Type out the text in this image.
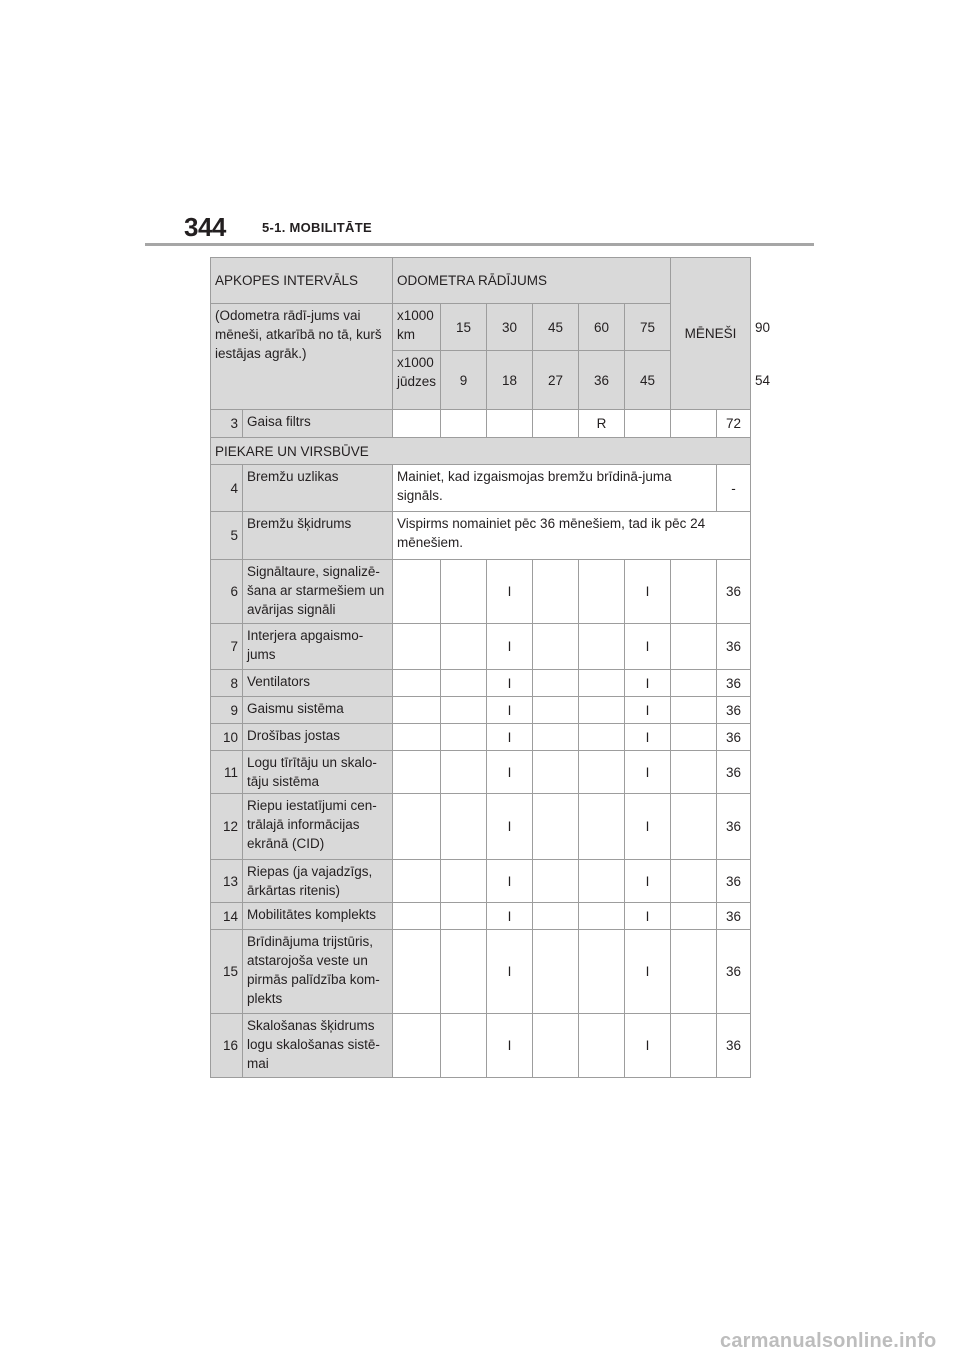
344	5-1. MOBILITĀTE
APKOPES INTERVĀLS		ODOMETRA RĀDĪJUMS						MĒNEŠI		
(Odometra rādī-jums vai mēneši, atkarībā no tā, kurš iestājas agrāk.)		x1000 km	15	30	45	60	75			90
		x1000 jūdzes	9	18	27	36	45			54
3	Gaisa filtrs					R			72	
PIEKARE UN VIRSBŪVE										
4	Bremžu uzlikas	Mainiet, kad izgaismojas bremžu brīdinā-juma signāls.							-	
5	Bremžu šķidrums	Vispirms nomainiet pēc 36 mēnešiem, tad ik pēc 24 mēnešiem.								
6	Signāltaure, signalizē-šana ar starmešiem un avārijas signāli			I			I		36	
7	Interjera apgaismo-jums			I			I		36	
8	Ventilators			I			I		36	
9	Gaismu sistēma			I			I		36	
10	Drošības jostas			I			I		36	
11	Logu tīrītāju un skalo-tāju sistēma			I			I		36	
12	Riepu iestatījumi cen-trālajā informācijas ekrānā (CID)			I			I		36	
13	Riepas (ja vajadzīgs, ārkārtas ritenis)			I			I		36	
14	Mobilitātes komplekts			I			I		36	
15	Brīdinājuma trijstūris, atstarojoša veste un pirmās palīdzība kom-plekts			I			I		36	
16	Skalošanas šķidrums logu skalošanas sistē-mai			I			I		36	
carmanualsonline.info
